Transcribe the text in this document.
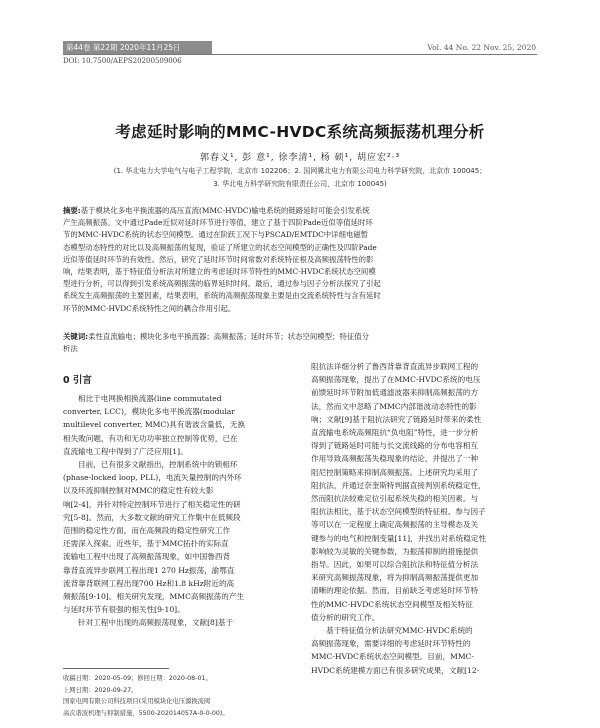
第44卷 第22期 2020年11月25日	Vol. 44 No. 22 Nov. 25, 2020
DOI: 10.7500/AEPS20200509006
考虑延时影响的MMC-HVDC系统高频振荡机理分析
郭春义¹, 彭 意¹, 徐李清¹, 杨 硕¹, 胡应宏²⋅³
(1. 华北电力大学电气与电子工程学院，北京市 102206；2. 国网冀北电力有限公司电力科学研究院，北京市 100045；
3. 华北电力科学研究院有限责任公司，北京市 100045)
摘要:基于模块化多电平换流器的高压直流(MMC-HVDC)输电系统的链路延时可能会引发系统
产生高频振荡。文中通过Pade近似对延时环节进行等值，建立了基于四阶Pade近似等值延时环
节的MMC-HVDC系统的状态空间模型。通过在阶跃工况下与PSCAD/EMTDC中详细电磁暂
态模型动态特性的对比以及高频振荡的复现，验证了所建立的状态空间模型的正确性及四阶Pade
近似等值延时环节的有效性。然后，研究了延时环节时间常数对系统特征根及高频振荡特性的影
响，结果表明，基于特征值分析法对所建立的考虑延时环节特性的MMC-HVDC系统状态空间模
型进行分析，可以得到引发系统高频振荡的临界延时时间。最后，通过参与因子分析法探究了引起
系统发生高频振荡的主要因素，结果表明，系统的高频振荡现象主要是由交流系统特性与含有延时
环节的MMC-HVDC系统特性之间的耦合作用引起。
关键词:柔性直流输电；模块化多电平换流器；高频振荡；延时环节；状态空间模型；特征值分
析法
0 引言
相比于电网换相换流器(line commutated
converter, LCC)，模块化多电平换流器(modular
multilevel converter, MMC)具有谐波含量低，无换
相失败问题，有功和无功功率独立控制等优势，已在
直流输电工程中得到了广泛应用[1]。
目前，已有很多文献指出，控制系统中的锁相环
(phase-locked loop, PLL)，电流矢量控制的内外环
以及环流抑制控制对MMC的稳定性有较大影
响[2-4]，并针对特定控制环节进行了相关稳定性的研
究[5-8]。然而，大多数文献的研究工作集中在低频段
范围的稳定性方面，而在高频段的稳定性研究工作
还需深入探索。近些年，基于MMC拓扑的实际直
流输电工程中出现了高频振荡现象，如中国鲁西背
靠背直流异步联网工程出现1 270 Hz振荡，渝鄂直
流背靠背联网工程出现700 Hz和1.8 kHz附近的高
频振荡[9-10]。相关研究发现，MMC高频振荡的产生
与延时环节有很强的相关性[9-10]。
针对工程中出现的高频振荡现象，文献[8]基于
阻抗法详细分析了鲁西背靠背直流异步联网工程的
高频振荡现象，提出了在MMC-HVDC系统的电压
前馈延时环节附加低通滤波器来抑制高频振荡的方
法，然而文中忽略了MMC内部谐波动态特性的影
响；文献[9]基于阻抗法研究了链路延时带来的柔性
直流输电系统高频阻抗“负电阻”特性，进一步分析
得到了链路延时可能与长交流线路的分布电容相互
作用导致高频振荡失稳现象的结论，并提出了一种
阻尼控制策略来抑制高频振荡。上述研究均采用了
阻抗法，并通过奈奎斯特判据直接判别系统稳定性，
然而阻抗法较难定位引起系统失稳的相关因素。与
阻抗法相比，基于状态空间模型的特征根、参与因子
等可以在一定程度上确定高频振荡的主导模态及关
键参与的电气和控制变量[11]，并找出对系统稳定性
影响较为灵敏的关键参数，为振荡抑制的措施提供
指导。因此，如果可以综合阻抗法和特征值分析法
来研究高频振荡现象，将为抑制高频振荡提供更加
清晰的理论依据。然而，目前缺乏考虑延时环节特
性的MMC-HVDC系统状态空间模型及相关特征
值分析的研究工作。
基于特征值分析法研究MMC-HVDC系统的
高频振荡现象，需要详细的考虑延时环节特性的
MMC-HVDC系统状态空间模型。目前，MMC-
HVDC系统建模方面已有很多研究成果，文献[12-
收稿日期：2020-05-09；修回日期：2020-08-01。
上网日期：2020-09-27。
国家电网有限公司科技项目(采用模块化电压源换流阀
高次谐波机理与抑制措施，5500-202014057A-0-0-00)。
